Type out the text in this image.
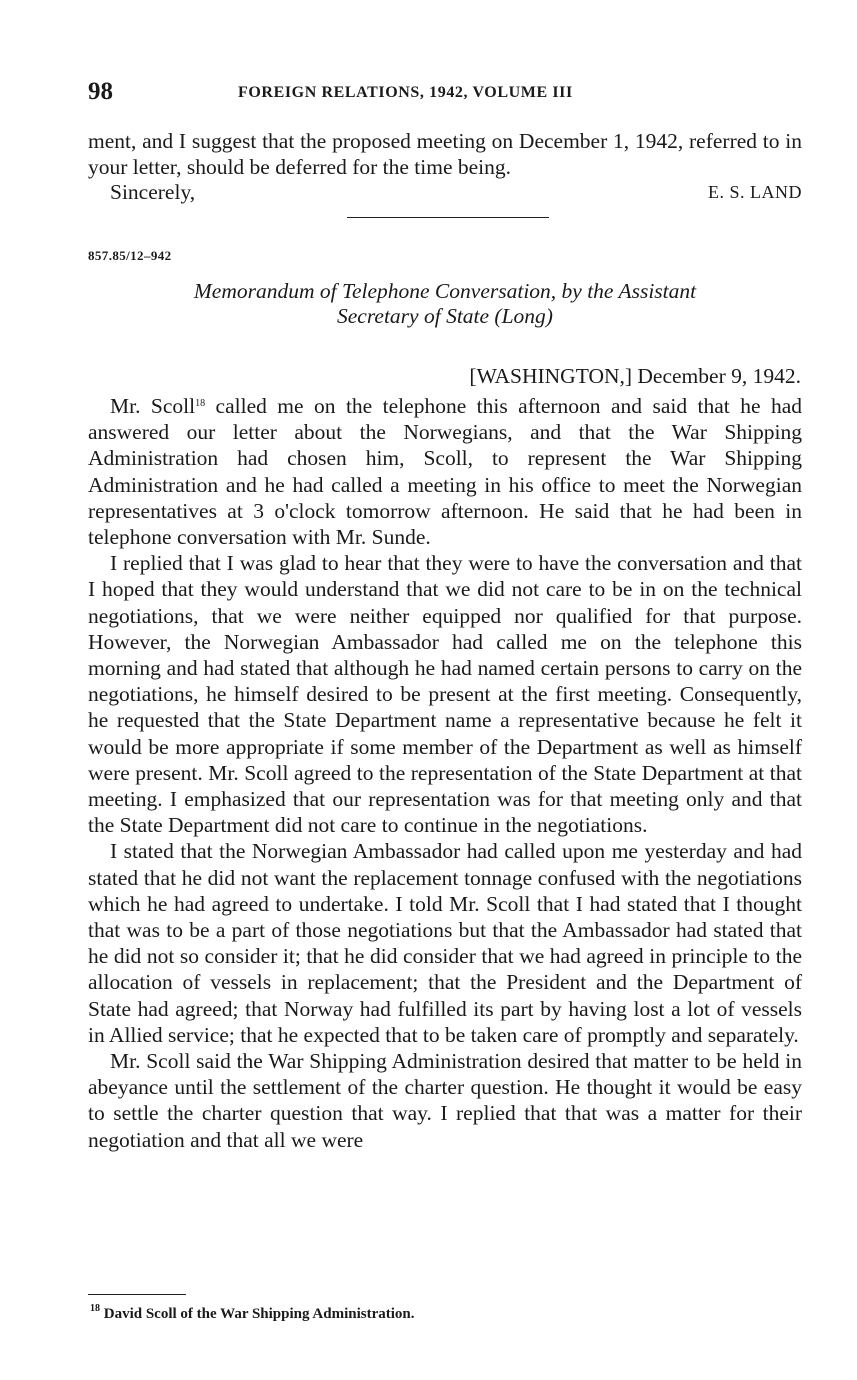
98	FOREIGN RELATIONS, 1942, VOLUME III

ment, and I suggest that the proposed meeting on December 1, 1942, referred to in your letter, should be deferred for the time being.

Sincerely,	E. S. LAND
857.85/12–942
Memorandum of Telephone Conversation, by the Assistant
Secretary of State (Long)
[WASHINGTON,] December 9, 1942.

Mr. Scoll$^{18}$ called me on the telephone this afternoon and said that he had answered our letter about the Norwegians, and that the War Shipping Administration had chosen him, Scoll, to represent the War Shipping Administration and he had called a meeting in his office to meet the Norwegian representatives at 3 o'clock tomorrow afternoon. He said that he had been in telephone conversation with Mr. Sunde.

I replied that I was glad to hear that they were to have the conversation and that I hoped that they would understand that we did not care to be in on the technical negotiations, that we were neither equipped nor qualified for that purpose. However, the Norwegian Ambassador had called me on the telephone this morning and had stated that although he had named certain persons to carry on the negotiations, he himself desired to be present at the first meeting. Consequently, he requested that the State Department name a representative because he felt it would be more appropriate if some member of the Department as well as himself were present. Mr. Scoll agreed to the representation of the State Department at that meeting. I emphasized that our representation was for that meeting only and that the State Department did not care to continue in the negotiations.

I stated that the Norwegian Ambassador had called upon me yesterday and had stated that he did not want the replacement tonnage confused with the negotiations which he had agreed to undertake. I told Mr. Scoll that I had stated that I thought that was to be a part of those negotiations but that the Ambassador had stated that he did not so consider it; that he did consider that we had agreed in principle to the allocation of vessels in replacement; that the President and the Department of State had agreed; that Norway had fulfilled its part by having lost a lot of vessels in Allied service; that he expected that to be taken care of promptly and separately.

Mr. Scoll said the War Shipping Administration desired that matter to be held in abeyance until the settlement of the charter question. He thought it would be easy to settle the charter question that way. I replied that that was a matter for their negotiation and that all we were

$^{18}$ David Scoll of the War Shipping Administration.
